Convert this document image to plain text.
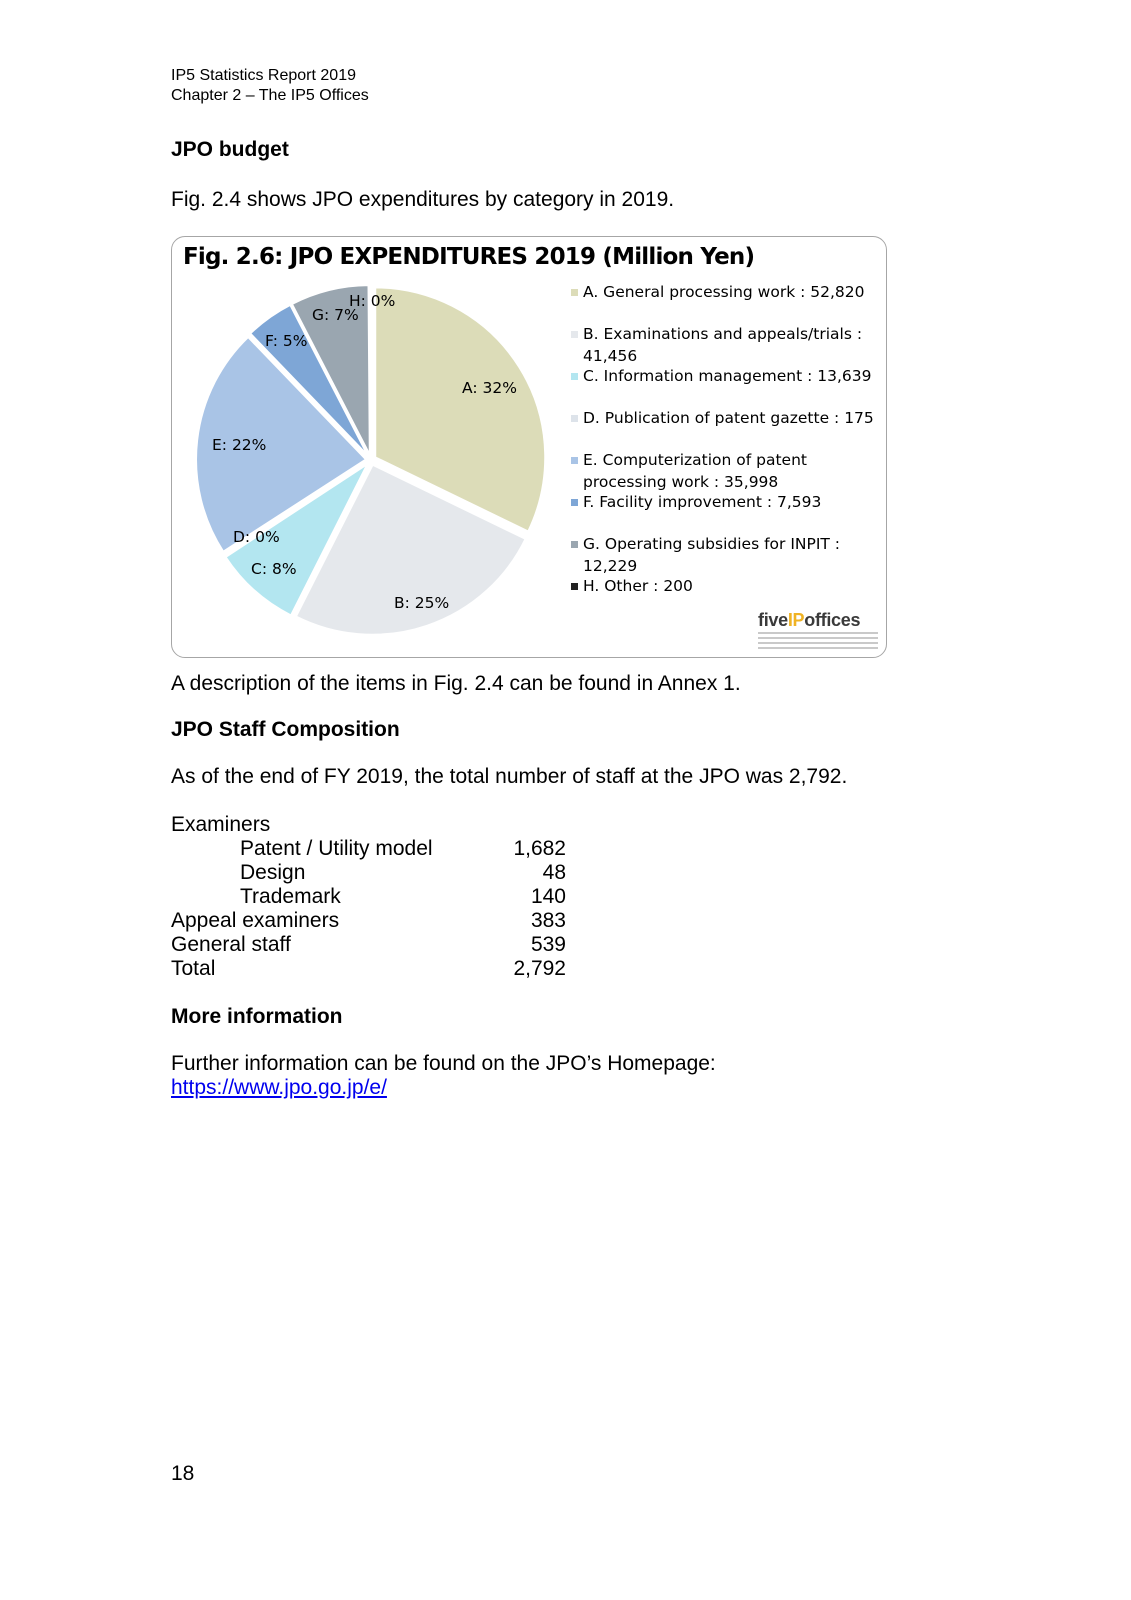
IP5 Statistics Report 2019
Chapter 2 – The IP5 Offices
JPO budget
Fig. 2.4 shows JPO expenditures by category in 2019.
Fig. 2.6: JPO EXPENDITURES 2019 (Million Yen)
A: 32%
B: 25%
C: 8%
D: 0%
E: 22%
F: 5%
G: 7%
H: 0%	A. General processing work : 52,820
B. Examinations and appeals/trials : 41,456
C. Information management : 13,639
D. Publication of patent gazette : 175
E. Computerization of patent processing work : 35,998
F. Facility improvement : 7,593
G. Operating subsidies for INPIT : 12,229
H. Other : 200
fiveIPoffices
A description of the items in Fig. 2.4 can be found in Annex 1.
JPO Staff Composition
As of the end of FY 2019, the total number of staff at the JPO was 2,792.
Examiners
Patent / Utility model	1,682
Design	48
Trademark	140
Appeal examiners	383
General staff	539
Total	2,792
More information
Further information can be found on the JPO’s Homepage:
https://www.jpo.go.jp/e/
18
